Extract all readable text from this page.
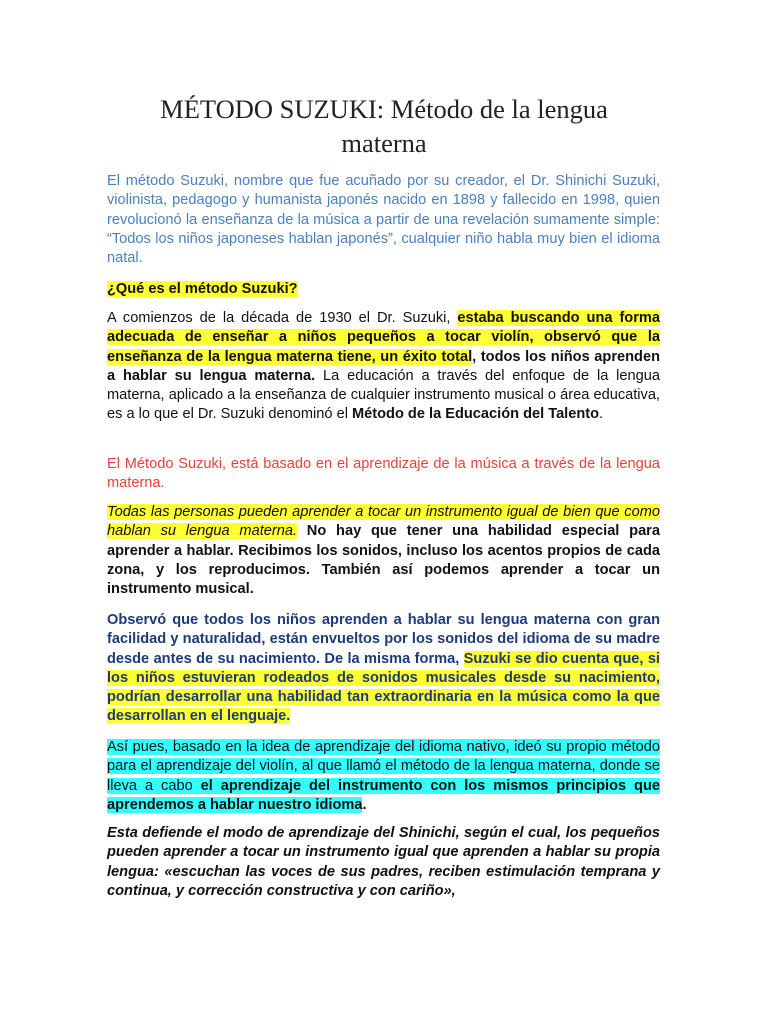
MÉTODO SUZUKI: Método de la lengua
materna

El método Suzuki, nombre que fue acuñado por su creador, el Dr. Shinichi Suzuki, violinista, pedagogo y humanista japonés nacido en 1898 y fallecido en 1998, quien revolucionó la enseñanza de la música a partir de una revelación sumamente simple: “Todos los niños japoneses hablan japonés”, cualquier niño habla muy bien el idioma natal.

¿Qué es el método Suzuki?

A comienzos de la década de 1930 el Dr. Suzuki, estaba buscando una forma adecuada de enseñar a niños pequeños a tocar violín, observó que la enseñanza de la lengua materna tiene, un éxito total, todos los niños aprenden a hablar su lengua materna. La educación a través del enfoque de la lengua materna, aplicado a la enseñanza de cualquier instrumento musical o área educativa, es a lo que el Dr. Suzuki denominó el Método de la Educación del Talento.

El Método Suzuki, está basado en el aprendizaje de la música a través de la lengua materna.

Todas las personas pueden aprender a tocar un instrumento igual de bien que como hablan su lengua materna. No hay que tener una habilidad especial para aprender a hablar. Recibimos los sonidos, incluso los acentos propios de cada zona, y los reproducimos. También así podemos aprender a tocar un instrumento musical.

Observó que todos los niños aprenden a hablar su lengua materna con gran facilidad y naturalidad, están envueltos por los sonidos del idioma de su madre desde antes de su nacimiento. De la misma forma, Suzuki se dio cuenta que, si los niños estuvieran rodeados de sonidos musicales desde su nacimiento, podrían desarrollar una habilidad tan extraordinaria en la música como la que desarrollan en el lenguaje.

Así pues, basado en la idea de aprendizaje del idioma nativo, ideó su propio método para el aprendizaje del violín, al que llamó el método de la lengua materna, donde se lleva a cabo el aprendizaje del instrumento con los mismos principios que aprendemos a hablar nuestro idioma.

Esta defiende el modo de aprendizaje del Shinichi, según el cual, los pequeños pueden aprender a tocar un instrumento igual que aprenden a hablar su propia lengua: «escuchan las voces de sus padres, reciben estimulación temprana y continua, y corrección constructiva y con cariño»,
